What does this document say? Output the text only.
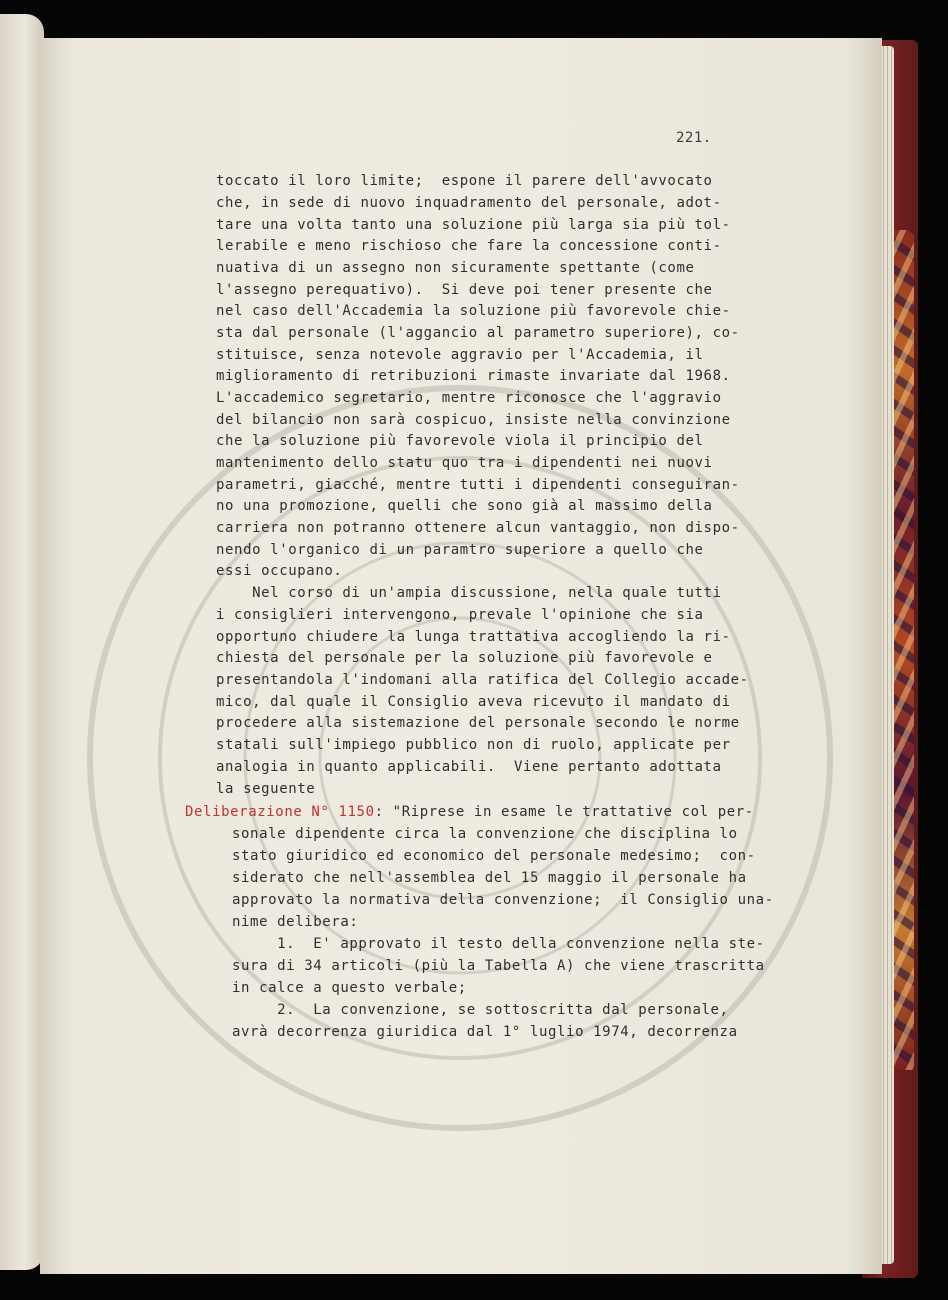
221.
toccato il loro limite;  espone il parere dell'avvocato
che, in sede di nuovo inquadramento del personale, adot-
tare una volta tanto una soluzione più larga sia più tol-
lerabile e meno rischioso che fare la concessione conti-
nuativa di un assegno non sicuramente spettante (come
l'assegno perequativo).  Si deve poi tener presente che
nel caso dell'Accademia la soluzione più favorevole chie-
sta dal personale (l'aggancio al parametro superiore), co-
stituisce, senza notevole aggravio per l'Accademia, il
miglioramento di retribuzioni rimaste invariate dal 1968.
L'accademico segretario, mentre riconosce che l'aggravio
del bilancio non sarà cospicuo, insiste nella convinzione
che la soluzione più favorevole viola il principio del
mantenimento dello statu quo tra i dipendenti nei nuovi
parametri, giacché, mentre tutti i dipendenti conseguiran-
no una promozione, quelli che sono già al massimo della
carriera non potranno ottenere alcun vantaggio, non dispo-
nendo l'organico di un paramtro superiore a quello che
essi occupano.
Nel corso di un'ampia discussione, nella quale tutti
i consiglieri intervengono, prevale l'opinione che sia
opportuno chiudere la lunga trattativa accogliendo la ri-
chiesta del personale per la soluzione più favorevole e
presentandola l'indomani alla ratifica del Collegio accade-
mico, dal quale il Consiglio aveva ricevuto il mandato di
procedere alla sistemazione del personale secondo le norme
statali sull'impiego pubblico non di ruolo, applicate per
analogia in quanto applicabili.  Viene pertanto adottata
la seguente
Deliberazione N° 1150: "Riprese in esame le trattative col per-
sonale dipendente circa la convenzione che disciplina lo
stato giuridico ed economico del personale medesimo;  con-
siderato che nell'assemblea del 15 maggio il personale ha
approvato la normativa della convenzione;  il Consiglio una-
nime delibera:
1.  E' approvato il testo della convenzione nella ste-
sura di 34 articoli (più la Tabella A) che viene trascritta
in calce a questo verbale;
2.  La convenzione, se sottoscritta dal personale,
avrà decorrenza giuridica dal 1° luglio 1974, decorrenza
